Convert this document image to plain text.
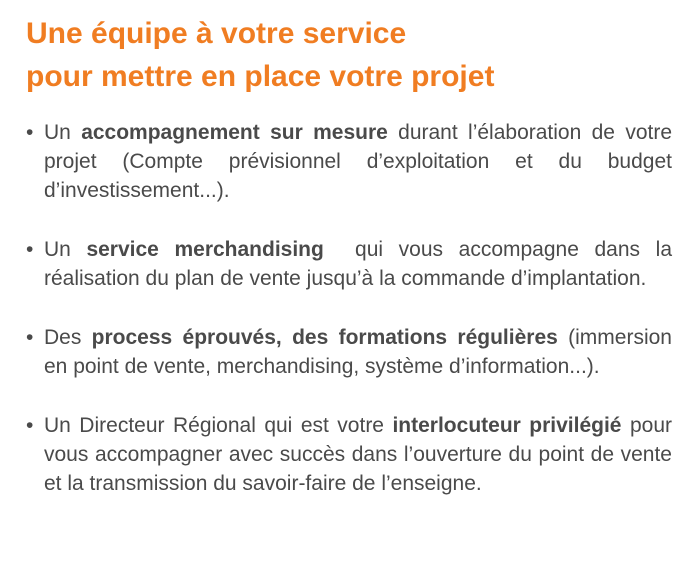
Une équipe à votre service
pour mettre en place votre projet
• Un accompagnement sur mesure durant l’élaboration de votre projet (Compte prévisionnel d’exploitation et du budget d’investissement...).
• Un service merchandising  qui vous accompagne dans la réalisation du plan de vente jusqu’à la commande d’implantation.
• Des process éprouvés, des formations régulières (immersion en point de vente, merchandising, système d’information...).
• Un Directeur Régional qui est votre interlocuteur privilégié pour vous accompagner avec succès dans l’ouverture du point de vente et la transmission du savoir-faire de l’enseigne.
